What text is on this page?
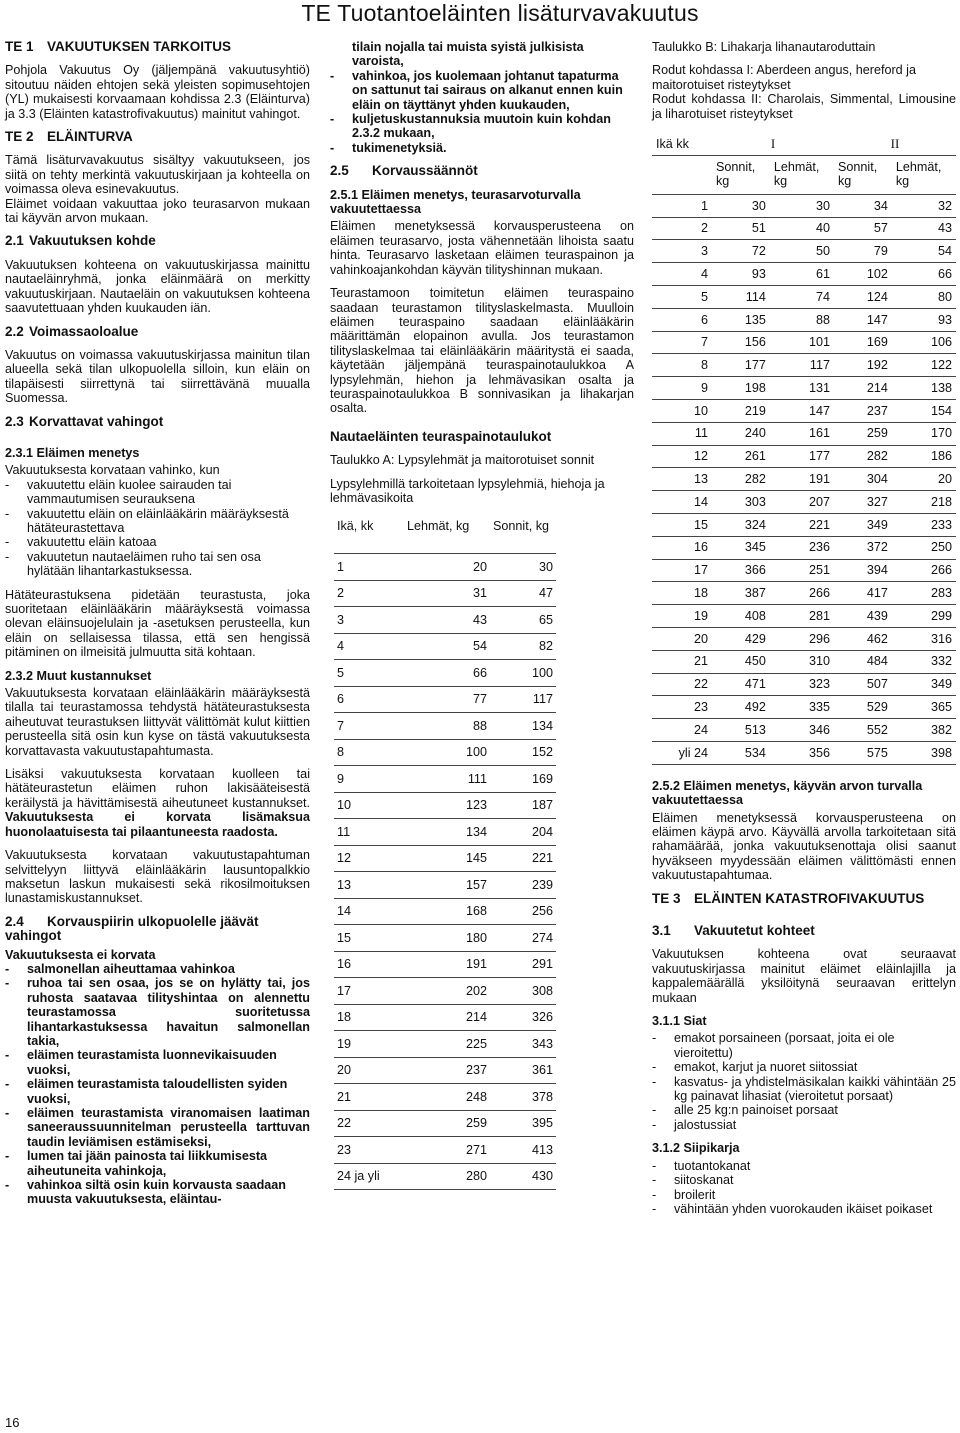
TE Tuotantoeläinten lisäturvavakuutus
TE 1 VAKUUTUKSEN TARKOITUS

Pohjola Vakuutus Oy (jäljempänä vakuutusyhtiö) sitoutuu näiden ehtojen sekä yleisten sopimusehtojen (YL) mukaisesti korvaamaan kohdissa 2.3 (Eläinturva) ja 3.3 (Eläinten katastrofivakuutus) mainitut vahingot.

TE 2 ELÄINTURVA

Tämä lisäturvavakuutus sisältyy vakuutukseen, jos siitä on tehty merkintä vakuutuskirjaan ja kohteella on voimassa oleva esinevakuutus.

Eläimet voidaan vakuuttaa joko teurasarvon mukaan tai käyvän arvon mukaan.

2.1 Vakuutuksen kohde

Vakuutuksen kohteena on vakuutuskirjassa mainittu nautaeläinryhmä, jonka eläinmäärä on merkitty vakuutuskirjaan. Nautaeläin on vakuutuksen kohteena saavutettuaan yhden kuukauden iän.

2.2 Voimassaoloalue

Vakuutus on voimassa vakuutuskirjassa mainitun tilan alueella sekä tilan ulkopuolella silloin, kun eläin on tilapäisesti siirrettynä tai siirrettävänä muualla Suomessa.

2.3 Korvattavat vahingot
2.3.1 Eläimen menetys
Vakuutuksesta korvataan vahinko, kun
- vakuutettu eläin kuolee sairauden tai vammautumisen seurauksena
- vakuutettu eläin on eläinlääkärin määräyksestä hätäteurastettava
- vakuutettu eläin katoaa
- vakuutetun nautaeläimen ruho tai sen osa hylätään lihantarkastuksessa.

Hätäteurastuksena pidetään teurastusta, joka suoritetaan eläinlääkärin määräyksestä voimassa olevan eläinsuojelulain ja -asetuksen perusteella, kun eläin on sellaisessa tilassa, että sen hengissä pitäminen on ilmeisitä julmuutta sitä kohtaan.

2.3.2 Muut kustannukset

Vakuutuksesta korvataan eläinlääkärin määräyksestä tilalla tai teurastamossa tehdystä hätäteurastuksesta aiheutuvat teurastuksen liittyvät välittömät kulut kiittien perusteella sitä osin kun kyse on tästä vakuutuksesta korvattavasta vakuutustapahtumasta.

Lisäksi vakuutuksesta korvataan kuolleen tai hätäteurastetun eläimen ruhon lakisääteisestä keräilystä ja hävittämisestä aiheutuneet kustannukset. Vakuutuksesta ei korvata lisämaksua huonolaatuisesta tai pilaantuneesta raadosta.

Vakuutuksesta korvataan vakuutustapahtuman selvittelyyn liittyvä eläinlääkärin lausuntopalkkio maksetun laskun mukaisesti sekä rikosilmoituksen lunastamiskustannukset.

2.4 Korvauspiirin ulkopuolelle jäävät vahingot
Vakuutuksesta ei korvata
- salmonellan aiheuttamaa vahinkoa
- ruhoa tai sen osaa, jos se on hylätty tai, jos ruhosta saatavaa tilityshintaa on alennettu teurastamossa suoritetussa lihantarkastuksessa havaitun salmonellan takia,
- eläimen teurastamista luonnevikaisuuden vuoksi,
- eläimen teurastamista taloudellisten syiden vuoksi,
- eläimen teurastamista viranomaisen laatiman saneeraussuunnitelman perusteella tarttuvan taudin leviämisen estämiseksi,
- lumen tai jään painosta tai liikkumisesta aiheutuneita vahinkoja,
- vahinkoa siltä osin kuin korvausta saadaan muusta vakuutuksesta, eläintau-
tilain nojalla tai muista syistä julkisista varoista,
- vahinkoa, jos kuolemaan johtanut tapaturma on sattunut tai sairaus on alkanut ennen kuin eläin on täyttänyt yhden kuukauden,
- kuljetuskustannuksia muutoin kuin kohdan 2.3.2 mukaan,
- tukimenetyksiä.
2.5 Korvaussäännöt
2.5.1 Eläimen menetys, teurasarvoturvalla vakuutettaessa

Eläimen menetyksessä korvausperusteena on eläimen teurasarvo, josta vähennetään lihoista saatu hinta. Teurasarvo lasketaan eläimen teuraspainon ja vahinkoajankohdan käyvän tilityshinnan mukaan.

Teurastamoon toimitetun eläimen teuraspaino saadaan teurastamon tilityslaskelmasta. Muulloin eläimen teuraspaino saadaan eläinlääkärin määrittämän elopainon avulla. Jos teurastamon tilityslaskelmaa tai eläinlääkärin määritystä ei saada, käytetään jäljempänä teuraspainotaulukkoa A lypsylehmän, hiehon ja lehmävasikan osalta ja teuraspainotaulukkoa B sonnivasikan ja lihakarjan osalta.

Nautaeläinten teuraspainotaulukot

Taulukko A: Lypsylehmät ja maitorotuiset sonnit

Lypsylehmillä tarkoitetaan lypsylehmiä, hiehoja ja lehmävasikoita

Ikä, kk	Lehmät, kg	Sonnit, kg
1	20	30
2	31	47
3	43	65
4	54	82
5	66	100
6	77	117
7	88	134
8	100	152
9	111	169
10	123	187
11	134	204
12	145	221
13	157	239
14	168	256
15	180	274
16	191	291
17	202	308
18	214	326
19	225	343
20	237	361
21	248	378
22	259	395
23	271	413
24 ja yli	280	430

Taulukko B: Lihakarja lihanautaroduttain

Rodut kohdassa I: Aberdeen angus, hereford ja maitorotuiset risteytykset
Rodut kohdassa II: Charolais, Simmental, Limousine ja liharotuiset risteytykset
Ikä kk	I		II	
	Sonnit, kg	Lehmät, kg	Sonnit, kg	Lehmät, kg
1	30	30	34	32
2	51	40	57	43
3	72	50	79	54
4	93	61	102	66
5	114	74	124	80
6	135	88	147	93
7	156	101	169	106
8	177	117	192	122
9	198	131	214	138
10	219	147	237	154
11	240	161	259	170
12	261	177	282	186
13	282	191	304	20
14	303	207	327	218
15	324	221	349	233
16	345	236	372	250
17	366	251	394	266
18	387	266	417	283
19	408	281	439	299
20	429	296	462	316
21	450	310	484	332
22	471	323	507	349
23	492	335	529	365
24	513	346	552	382
yli 24	534	356	575	398
2.5.2 Eläimen menetys, käyvän arvon turvalla vakuutettaessa

Eläimen menetyksessä korvausperusteena on eläimen käypä arvo. Käyvällä arvolla tarkoitetaan sitä rahamäärää, jonka vakuutuksenottaja olisi saanut hyväkseen myydessään eläimen välittömästi ennen vakuutustapahtumaa.

TE 3 ELÄINTEN KATASTROFIVAKUUTUS
3.1 Vakuutetut kohteet

Vakuutuksen kohteena ovat seuraavat vakuutuskirjassa mainitut eläimet eläinlajilla ja kappalemäärällä yksilöitynä seuraavan erittelyn mukaan

3.1.1 Siat
- emakot porsaineen (porsaat, joita ei ole vieroitettu)
- emakot, karjut ja nuoret siitossiat
- kasvatus- ja yhdistelmäsikalan kaikki vähintään 25 kg painavat lihasiat (vieroitetut porsaat)
- alle 25 kg:n painoiset porsaat
- jalostussiat
3.1.2 Siipikarja
- tuotantokanat
- siitoskanat
- broilerit
- vähintään yhden vuorokauden ikäiset poikaset
16
